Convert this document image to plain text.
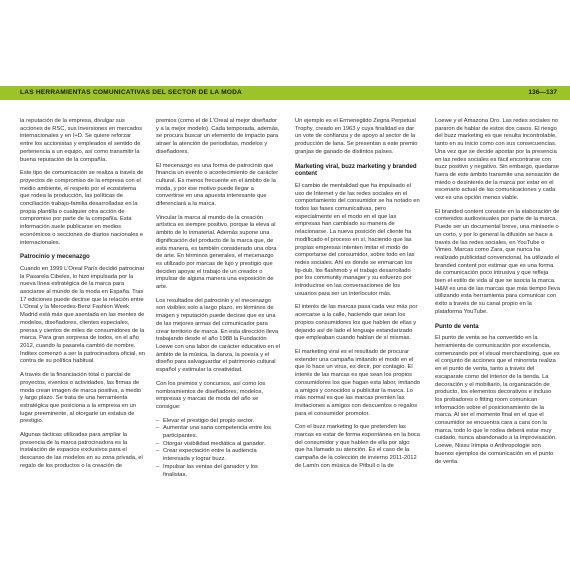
LAS HERRAMIENTAS COMUNICATIVAS DEL SECTOR DE LA MODA	136—137

la reputación de la empresa, divulgar sus acciones de RSC, sus inversiones en mercados internacionales y en I+D. Se quiere reforzar entre los accionistas y empleados el sentido de pertenencia a un equipo, así como transmitir la buena reputación de la compañía.

Este tipo de comunicación se realiza a través de proyectos de compromiso de la empresa con el medio ambiente, el respeto por el ecosistema que rodea la producción, las políticas de conciliación trabajo-familia desarrolladas en la propia plantilla o cualquier otra acción de compromiso por parte de la compañía. Esta información suele publicarse en medios económicos o secciones de diarios nacionales e internacionales.

Patrocinio y mecenazgo

Cuando en 1999 L'Oreal París decidió patrocinar la Pasarela Cibeles, lo hizo impulsada por la nueva línea estratégica de la marca para asociarse al mundo de la moda en España. Tras 17 ediciones puede decirse que la relación entre L'Oreal y la Mercedes-Benz Fashion Week Madrid está más que asentada en las mentes de modelos, diseñadores, clientes especiales, prensa y cientos de miles de consumidores de la marca. Para gran sorpresa de todos, en el año 2012, cuando la pasarela cambió de nombre, Inditex comenzó a ser la patrocinadora oficial, en contra de su política habitual.

A través de la financiación total o parcial de proyectos, eventos o actividades, las firmas de moda crean imagen de marca positiva, a medio y largo plazo. Se trata de una herramienta estratégica que posiciona a la empresa en un lugar preeminente, al otorgarle un estatus de prestigio.

Algunas tácticas utilizadas para ampliar la presencia de la marca patrocinadora es la instalación de espacios exclusivos para el descanso de las modelos en su zona privada, el regalo de los productos o la creación de

premios (como el de L'Oreal al mejor diseñador y a la mejor modelo). Cada temporada, además, se procura buscar un elemento de impacto para atraer la atención de periodistas, modelos y diseñadores.

El mecenazgo es una forma de patrocinio que financia un evento o acontecimiento de carácter cultural. Es menos frecuente en el ámbito de la moda, y por ese motivo puede llegar a convertirse en una apuesta interesante que diferenciará a la marca.

Vincular la marca al mundo de la creación artística es siempre positivo, porque la eleva al ámbito de lo inmaterial. Además supone una dignificación del producto de la marca que, de esta manera, es también considerado una obra de arte. En términos generales, el mecenazgo es utilizado por marcas de lujo y prestigio que deciden apoyar el trabajo de un creador o impulsar de alguna manera una exposición de arte.

Los resultados del patrocinio y el mecenazgo son visibles solo a largo plazo, en términos de imagen y reputación puede decirse que es una de las mejores armas del comunicador para crear territorio de marca. En esta dirección lleva trabajando desde el año 1988 la Fundación Loewe con una labor de carácter educativo en el ámbito de la música, la danza, la poesía y el diseño para salvaguardar el patrimonio cultural español y estimular la creatividad.

Con los premios y concursos, así como los nombramientos de diseñadores, modelos, empresas y marcas de moda del año se consigue:

– Elevar el prestigio del propio sector.
– Aumentar una sana competencia entre los participantes.
– Otorgar visibilidad mediática al ganador.
– Crear expectación entre la audiencia interesada y lograr buzz.
– Impulsar las ventas del ganador y los finalistas.

Un ejemplo es el Ermenegildo Zegna Perpetual Trophy, creado en 1963 y cuya finalidad es dar un vote de confianza y de apoyo al sector de la producción de lana. Se presentan a este premio granjas de ganado de distintos países.

Marketing viral, buzz marketing y branded content

El cambio de mentalidad que ha impulsado el uso de Internet y de las redes sociales en el comportamiento del consumidor se ha notado en todos las fases comunicativas, pero especialmente en el modo en el que las empresas han cambiado su manera de relacionarse. La nueva posición del cliente ha modificado el proceso en sí, haciendo que las propias empresas intenten imitar el modo de comportarse del consumidor, sobre todo en las redes sociales. Ahí es donde se enmarcan los lip-dub, los flashmob y el trabajo desarrollado por los community manager y su esfuerzo por introducirse en las conversaciones de los usuarios para ser un interlocutor más.

El interés de las marcas pasa cada vez más por acercarse a la calle, haciendo que sean los propios consumidores los que hablen de ellas y dejando así de lado el lenguaje estandarizado que empleaban cuando hablan de sí mismas.

El marketing viral es el resultado de procurar extender una campaña imitando el modo en el que lo hace un virus, es decir, por contagio. El interés de las marcas es que sean los propios consumidores los que hagan esta labor, imitando a amigos y conocidos a publicitar la marca. Lo más normal es que las marcas premien las invitaciones a amigos con descuentos o regalos para el consumidor promotor.

Con el buzz marketing lo que pretenden las marcas es estar de forma espontánea en la boca del consumidor y que hablen de ella por algo que ha llamado su atención. Es el caso de la campaña de la colección de invierno 2011-2012 de Lamín con música de Pitbull o la de

Loewe y el Amazona Oro. Las redes sociales no pararon de hablar de estos dos casos. El riesgo del buzz marketing es que resulta incontrolable, tanto en su inicio como con sus consecuencias. Una vez que se decide apostar por la presencia en las redes sociales es fácil encontrarse con buzz positivo y negativo. Sin embargo, quedarse fuera de este ámbito transmite una sensación de miedo o desinterés de la marca por estar en el escenario actual de las comunicaciones y cada vez es una opción menos viable.

El branded content consiste en la elaboración de contenidos audiovisuales por parte de la marca. Puede ser un documental breve, una miniserie o un corto, y por lo general la difusión se hace a través de las redes sociales, en YouTube o Vimeo. Marcas como Zara, que nunca ha realizado publicidad convencional, ha utilizado el branded content por estimar que es una forma de comunicación poco intrusiva y que refleja bien el estilo de vida al que se asocia la marca. H&M es una de las marcas que más tiempo lleva utilizando esta herramienta para comunicar con éxito a través de su canal propio en la plataforma YouTube.

Punto de venta

El punto de venta se ha convertido en la herramienta de comunicación por excelencia, comenzando por el visual merchandising, que es el conjunto de acciones que el minorista realiza en el punto de venta, tanto a través del escaparate como del interior de la tienda. La decoración y el mobiliario, la organización de producto, los elementos decorativos e incluso los probadores o fitting room comunican información sobre el posicionamiento de la marca. Al ser el momento final en el que el consumidor se encuentra cara a cara con la marca, todo lo que le rodea deberá estar muy cuidado, nunca abandonado a la improvisación. Loewe, Nissu Irimpia o Anthropologie son buenos ejemplos de comunicación en el punto de venta.
